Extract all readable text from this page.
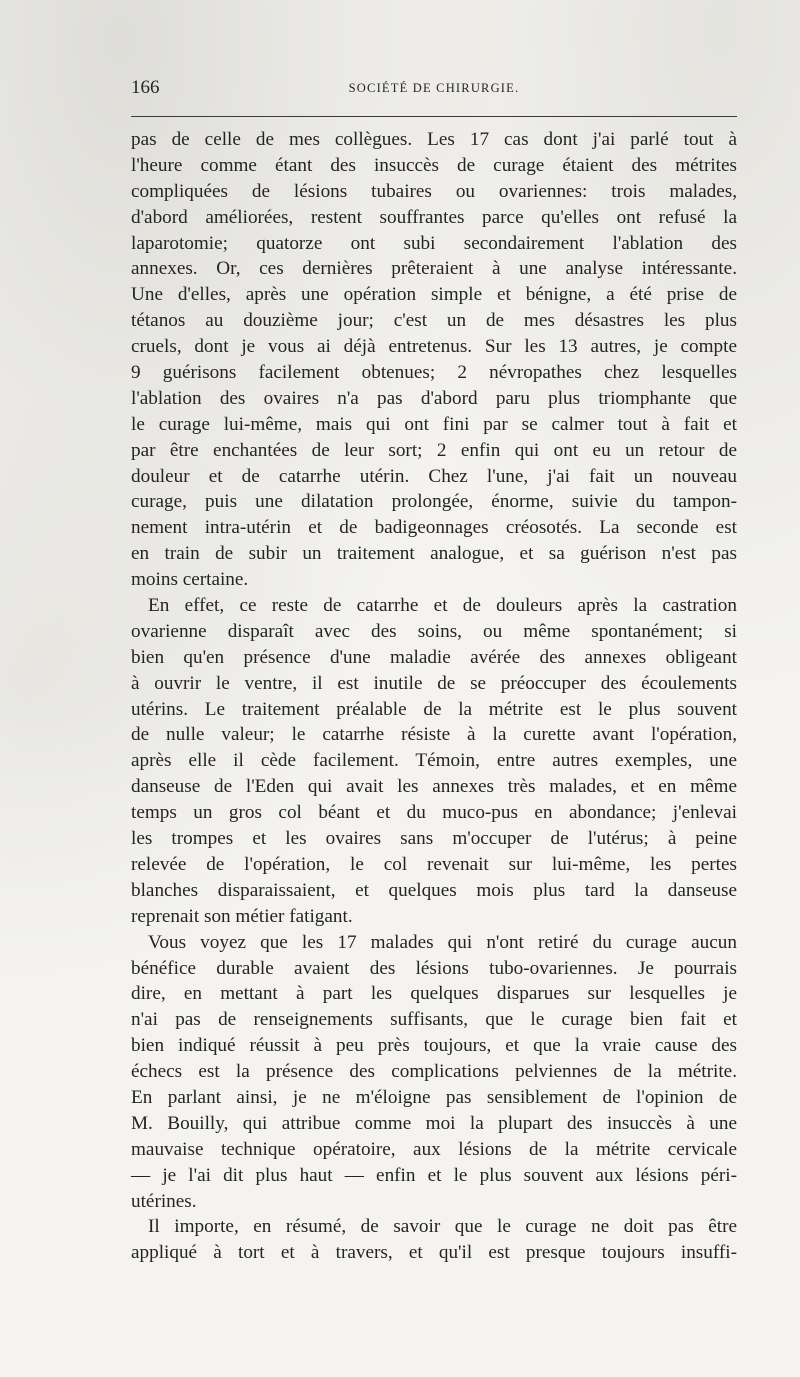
166	SOCIÉTÉ DE CHIRURGIE.
pas de celle de mes collègues. Les 17 cas dont j'ai parlé tout à
l'heure comme étant des insuccès de curage étaient des métrites
compliquées de lésions tubaires ou ovariennes: trois malades,
d'abord améliorées, restent souffrantes parce qu'elles ont refusé la
laparotomie; quatorze ont subi secondairement l'ablation des
annexes. Or, ces dernières prêteraient à une analyse intéressante.
Une d'elles, après une opération simple et bénigne, a été prise de
tétanos au douzième jour; c'est un de mes désastres les plus
cruels, dont je vous ai déjà entretenus. Sur les 13 autres, je compte
9 guérisons facilement obtenues; 2 névropathes chez lesquelles
l'ablation des ovaires n'a pas d'abord paru plus triomphante que
le curage lui-même, mais qui ont fini par se calmer tout à fait et
par être enchantées de leur sort; 2 enfin qui ont eu un retour de
douleur et de catarrhe utérin. Chez l'une, j'ai fait un nouveau
curage, puis une dilatation prolongée, énorme, suivie du tampon-
nement intra-utérin et de badigeonnages créosotés. La seconde est
en train de subir un traitement analogue, et sa guérison n'est pas
moins certaine.
En effet, ce reste de catarrhe et de douleurs après la castration
ovarienne disparaît avec des soins, ou même spontanément; si
bien qu'en présence d'une maladie avérée des annexes obligeant
à ouvrir le ventre, il est inutile de se préoccuper des écoulements
utérins. Le traitement préalable de la métrite est le plus souvent
de nulle valeur; le catarrhe résiste à la curette avant l'opération,
après elle il cède facilement. Témoin, entre autres exemples, une
danseuse de l'Eden qui avait les annexes très malades, et en même
temps un gros col béant et du muco-pus en abondance; j'enlevai
les trompes et les ovaires sans m'occuper de l'utérus; à peine
relevée de l'opération, le col revenait sur lui-même, les pertes
blanches disparaissaient, et quelques mois plus tard la danseuse
reprenait son métier fatigant.
Vous voyez que les 17 malades qui n'ont retiré du curage aucun
bénéfice durable avaient des lésions tubo-ovariennes. Je pourrais
dire, en mettant à part les quelques disparues sur lesquelles je
n'ai pas de renseignements suffisants, que le curage bien fait et
bien indiqué réussit à peu près toujours, et que la vraie cause des
échecs est la présence des complications pelviennes de la métrite.
En parlant ainsi, je ne m'éloigne pas sensiblement de l'opinion de
M. Bouilly, qui attribue comme moi la plupart des insuccès à une
mauvaise technique opératoire, aux lésions de la métrite cervicale
— je l'ai dit plus haut — enfin et le plus souvent aux lésions péri-
utérines.
Il importe, en résumé, de savoir que le curage ne doit pas être
appliqué à tort et à travers, et qu'il est presque toujours insuffi-
